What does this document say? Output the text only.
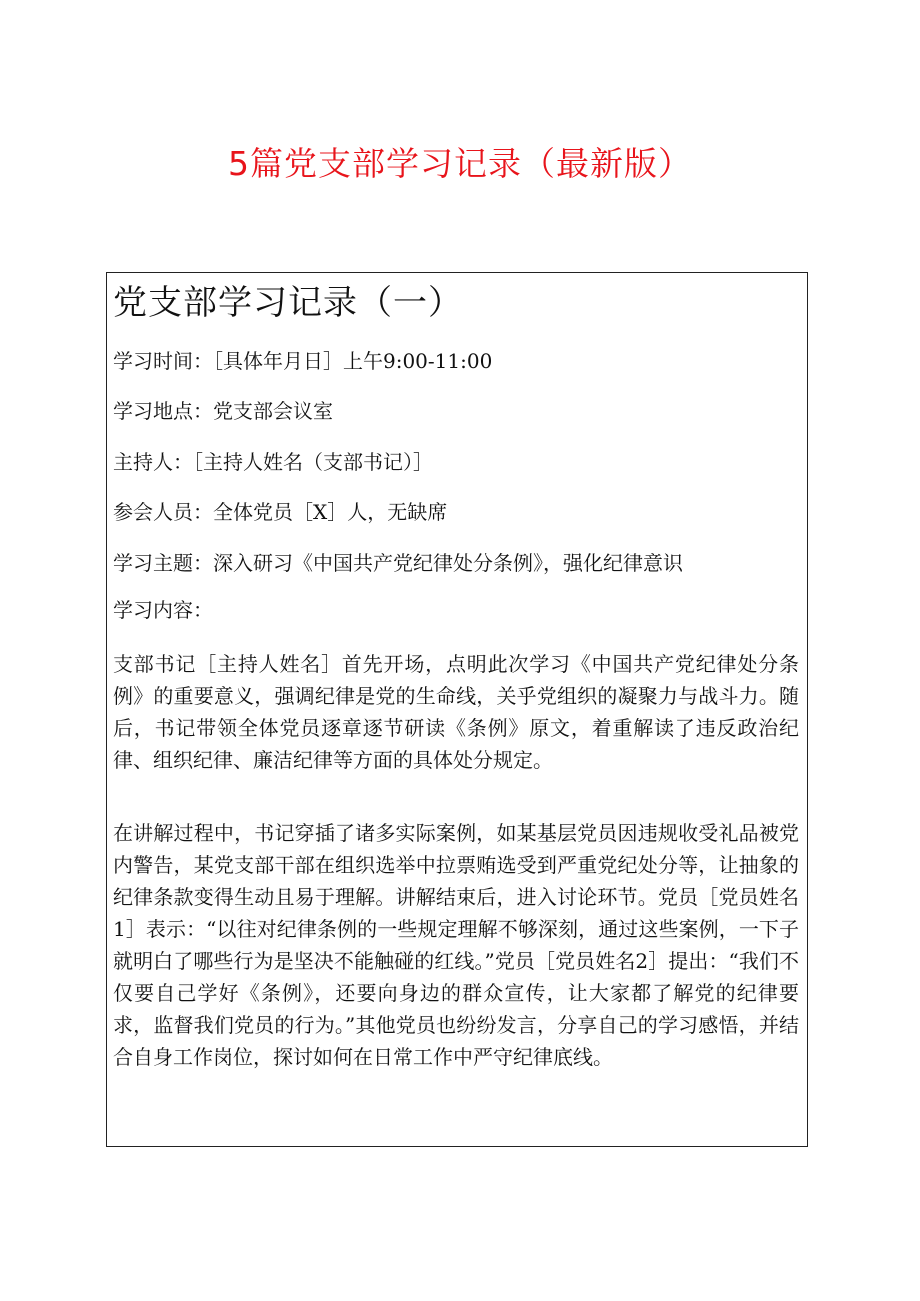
5篇党支部学习记录（最新版）
党支部学习记录（一）
学习时间：［具体年月日］上午9:00-11:00
学习地点：党支部会议室
主持人：［主持人姓名（支部书记）］
参会人员：全体党员［X］人，无缺席
学习主题：深入研习《中国共产党纪律处分条例》，强化纪律意识
学习内容：

支部书记［主持人姓名］首先开场，点明此次学习《中国共产党纪律处分条例》的重要意义，强调纪律是党的生命线，关乎党组织的凝聚力与战斗力。随后，书记带领全体党员逐章逐节研读《条例》原文，着重解读了违反政治纪律、组织纪律、廉洁纪律等方面的具体处分规定。

在讲解过程中，书记穿插了诸多实际案例，如某基层党员因违规收受礼品被党内警告，某党支部干部在组织选举中拉票贿选受到严重党纪处分等，让抽象的纪律条款变得生动且易于理解。讲解结束后，进入讨论环节。党员［党员姓名1］表示：“以往对纪律条例的一些规定理解不够深刻，通过这些案例，一下子就明白了哪些行为是坚决不能触碰的红线。”党员［党员姓名2］提出：“我们不仅要自己学好《条例》，还要向身边的群众宣传，让大家都了解党的纪律要求，监督我们党员的行为。”其他党员也纷纷发言，分享自己的学习感悟，并结合自身工作岗位，探讨如何在日常工作中严守纪律底线。
